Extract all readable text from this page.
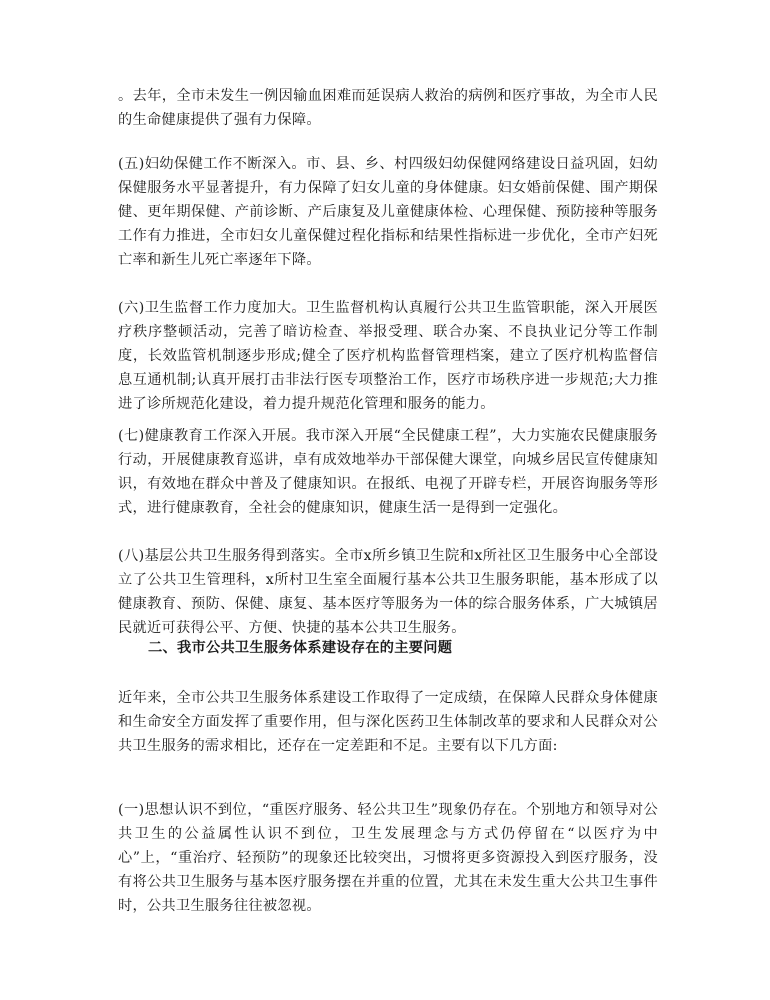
。去年，全市未发生一例因输血困难而延误病人救治的病例和医疗事故，为全市人民的生命健康提供了强有力保障。

(五)妇幼保健工作不断深入。市、县、乡、村四级妇幼保健网络建设日益巩固，妇幼保健服务水平显著提升，有力保障了妇女儿童的身体健康。妇女婚前保健、围产期保健、更年期保健、产前诊断、产后康复及儿童健康体检、心理保健、预防接种等服务工作有力推进，全市妇女儿童保健过程化指标和结果性指标进一步优化，全市产妇死亡率和新生儿死亡率逐年下降。

(六)卫生监督工作力度加大。卫生监督机构认真履行公共卫生监管职能，深入开展医疗秩序整顿活动，完善了暗访检查、举报受理、联合办案、不良执业记分等工作制度，长效监管机制逐步形成;健全了医疗机构监督管理档案，建立了医疗机构监督信息互通机制;认真开展打击非法行医专项整治工作，医疗市场秩序进一步规范;大力推进了诊所规范化建设，着力提升规范化管理和服务的能力。

(七)健康教育工作深入开展。我市深入开展“全民健康工程”，大力实施农民健康服务行动，开展健康教育巡讲，卓有成效地举办干部保健大课堂，向城乡居民宣传健康知识，有效地在群众中普及了健康知识。在报纸、电视了开辟专栏，开展咨询服务等形式，进行健康教育，全社会的健康知识，健康生活一是得到一定强化。

(八)基层公共卫生服务得到落实。全市x所乡镇卫生院和x所社区卫生服务中心全部设立了公共卫生管理科，x所村卫生室全面履行基本公共卫生服务职能，基本形成了以健康教育、预防、保健、康复、基本医疗等服务为一体的综合服务体系，广大城镇居民就近可获得公平、方便、快捷的基本公共卫生服务。

二、我市公共卫生服务体系建设存在的主要问题

近年来，全市公共卫生服务体系建设工作取得了一定成绩，在保障人民群众身体健康和生命安全方面发挥了重要作用，但与深化医药卫生体制改革的要求和人民群众对公共卫生服务的需求相比，还存在一定差距和不足。主要有以下几方面:

(一)思想认识不到位，“重医疗服务、轻公共卫生”现象仍存在。个别地方和领导对公共卫生的公益属性认识不到位，卫生发展理念与方式仍停留在“以医疗为中心”上，“重治疗、轻预防”的现象还比较突出，习惯将更多资源投入到医疗服务，没有将公共卫生服务与基本医疗服务摆在并重的位置，尤其在未发生重大公共卫生事件时，公共卫生服务往往被忽视。
